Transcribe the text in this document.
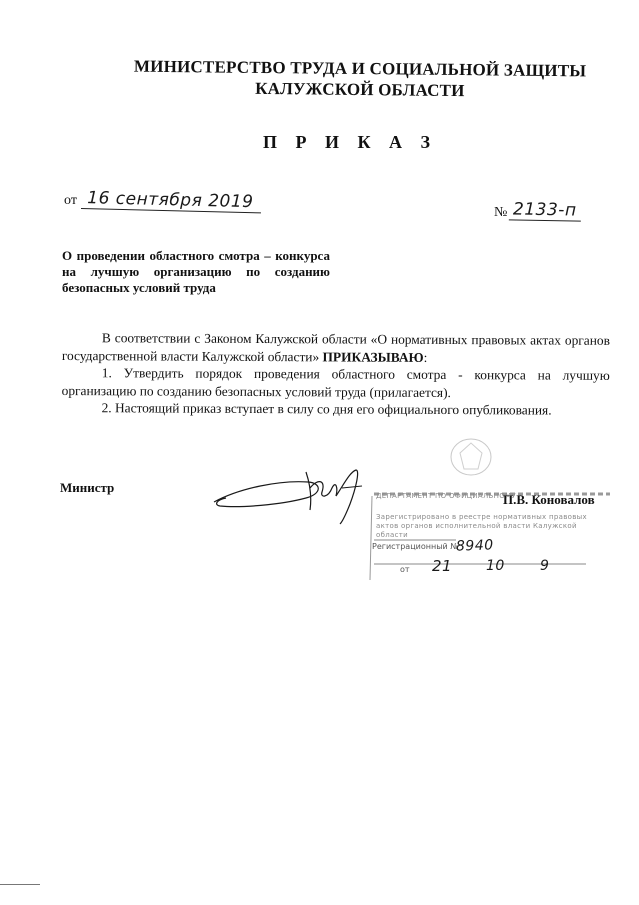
МИНИСТЕРСТВО ТРУДА И СОЦИАЛЬНОЙ ЗАЩИТЫ
КАЛУЖСКОЙ ОБЛАСТИ
П Р И К А З
от 16 сентября 2019
№ 2133-п
О проведении областного смотра – конкурса на лучшую организацию по созданию безопасных условий труда

В соответствии с Законом Калужской области «О нормативных правовых актах органов государственной власти Калужской области» ПРИКАЗЫВАЮ:

1. Утвердить порядок проведения областного смотра - конкурса на лучшую организацию по созданию безопасных условий труда (прилагается).

2. Настоящий приказ вступает в силу со дня его официального опубликования.

Министр
ДЕПАРТАМЕНТ ПО ОФИЦИАЛЬНОМУ
Зарегистрировано в реестре нормативных правовых
актов органов исполнительной власти Калужской
области
Регистрационный №
8940
от 21 10	9
П.В. Коновалов
